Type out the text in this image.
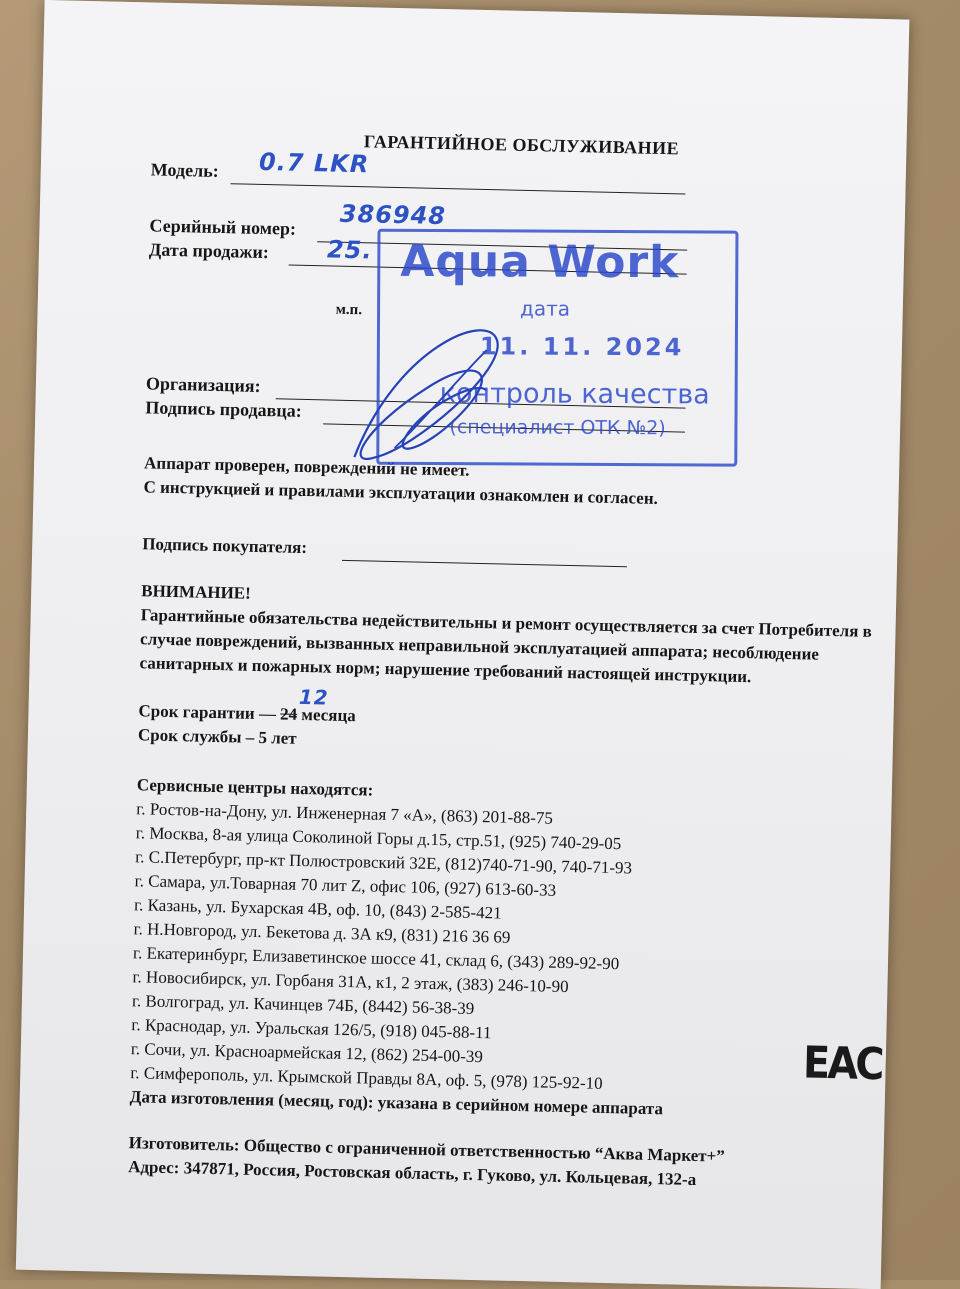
ГАРАНТИЙНОЕ ОБСЛУЖИВАНИЕ
Модель: 0.7 LKR
Серийный номер: 386948
Дата продажи: 25.
м.п.
Организация:
Подпись продавца:
Аппарат проверен, повреждений не имеет.
С инструкцией и правилами эксплуатации ознакомлен и согласен.
Подпись покупателя:
ВНИМАНИЕ!
Гарантийные обязательства недействительны и ремонт осуществляется за счет Потребителя в случае повреждений, вызванных неправильной эксплуатацией аппарата; несоблюдение санитарных и пожарных норм; нарушение требований настоящей инструкции.
Срок гарантии — 24 месяца
12
Срок службы – 5 лет
Сервисные центры находятся:
г. Ростов-на-Дону, ул. Инженерная 7 «А», (863) 201-88-75
г. Москва, 8-ая улица Соколиной Горы д.15, стр.51, (925) 740-29-05
г. С.Петербург, пр-кт Полюстровский 32Е, (812)740-71-90, 740-71-93
г. Самара, ул.Товарная 70 лит Z, офис 106, (927) 613-60-33
г. Казань, ул. Бухарская 4В, оф. 10, (843) 2-585-421
г. Н.Новгород, ул. Бекетова д. 3А к9, (831) 216 36 69
г. Екатеринбург, Елизаветинское шоссе 41, склад 6, (343) 289-92-90
г. Новосибирск, ул. Горбаня 31А, к1, 2 этаж, (383) 246-10-90
г. Волгоград, ул. Качинцев 74Б, (8442) 56-38-39
г. Краснодар, ул. Уральская 126/5, (918) 045-88-11
г. Сочи, ул. Красноармейская 12, (862) 254-00-39
г. Симферополь, ул. Крымской Правды 8А, оф. 5, (978) 125-92-10
Дата изготовления (месяц, год): указана в серийном номере аппарата
Изготовитель: Общество с ограниченной ответственностью “Аква Маркет+”
Адрес: 347871, Россия, Ростовская область, г. Гуково, ул. Кольцевая, 132-а
Aqua Work
дата
11. 11. 2024
контроль качества
(специалист ОТК №2)
ЕАС
